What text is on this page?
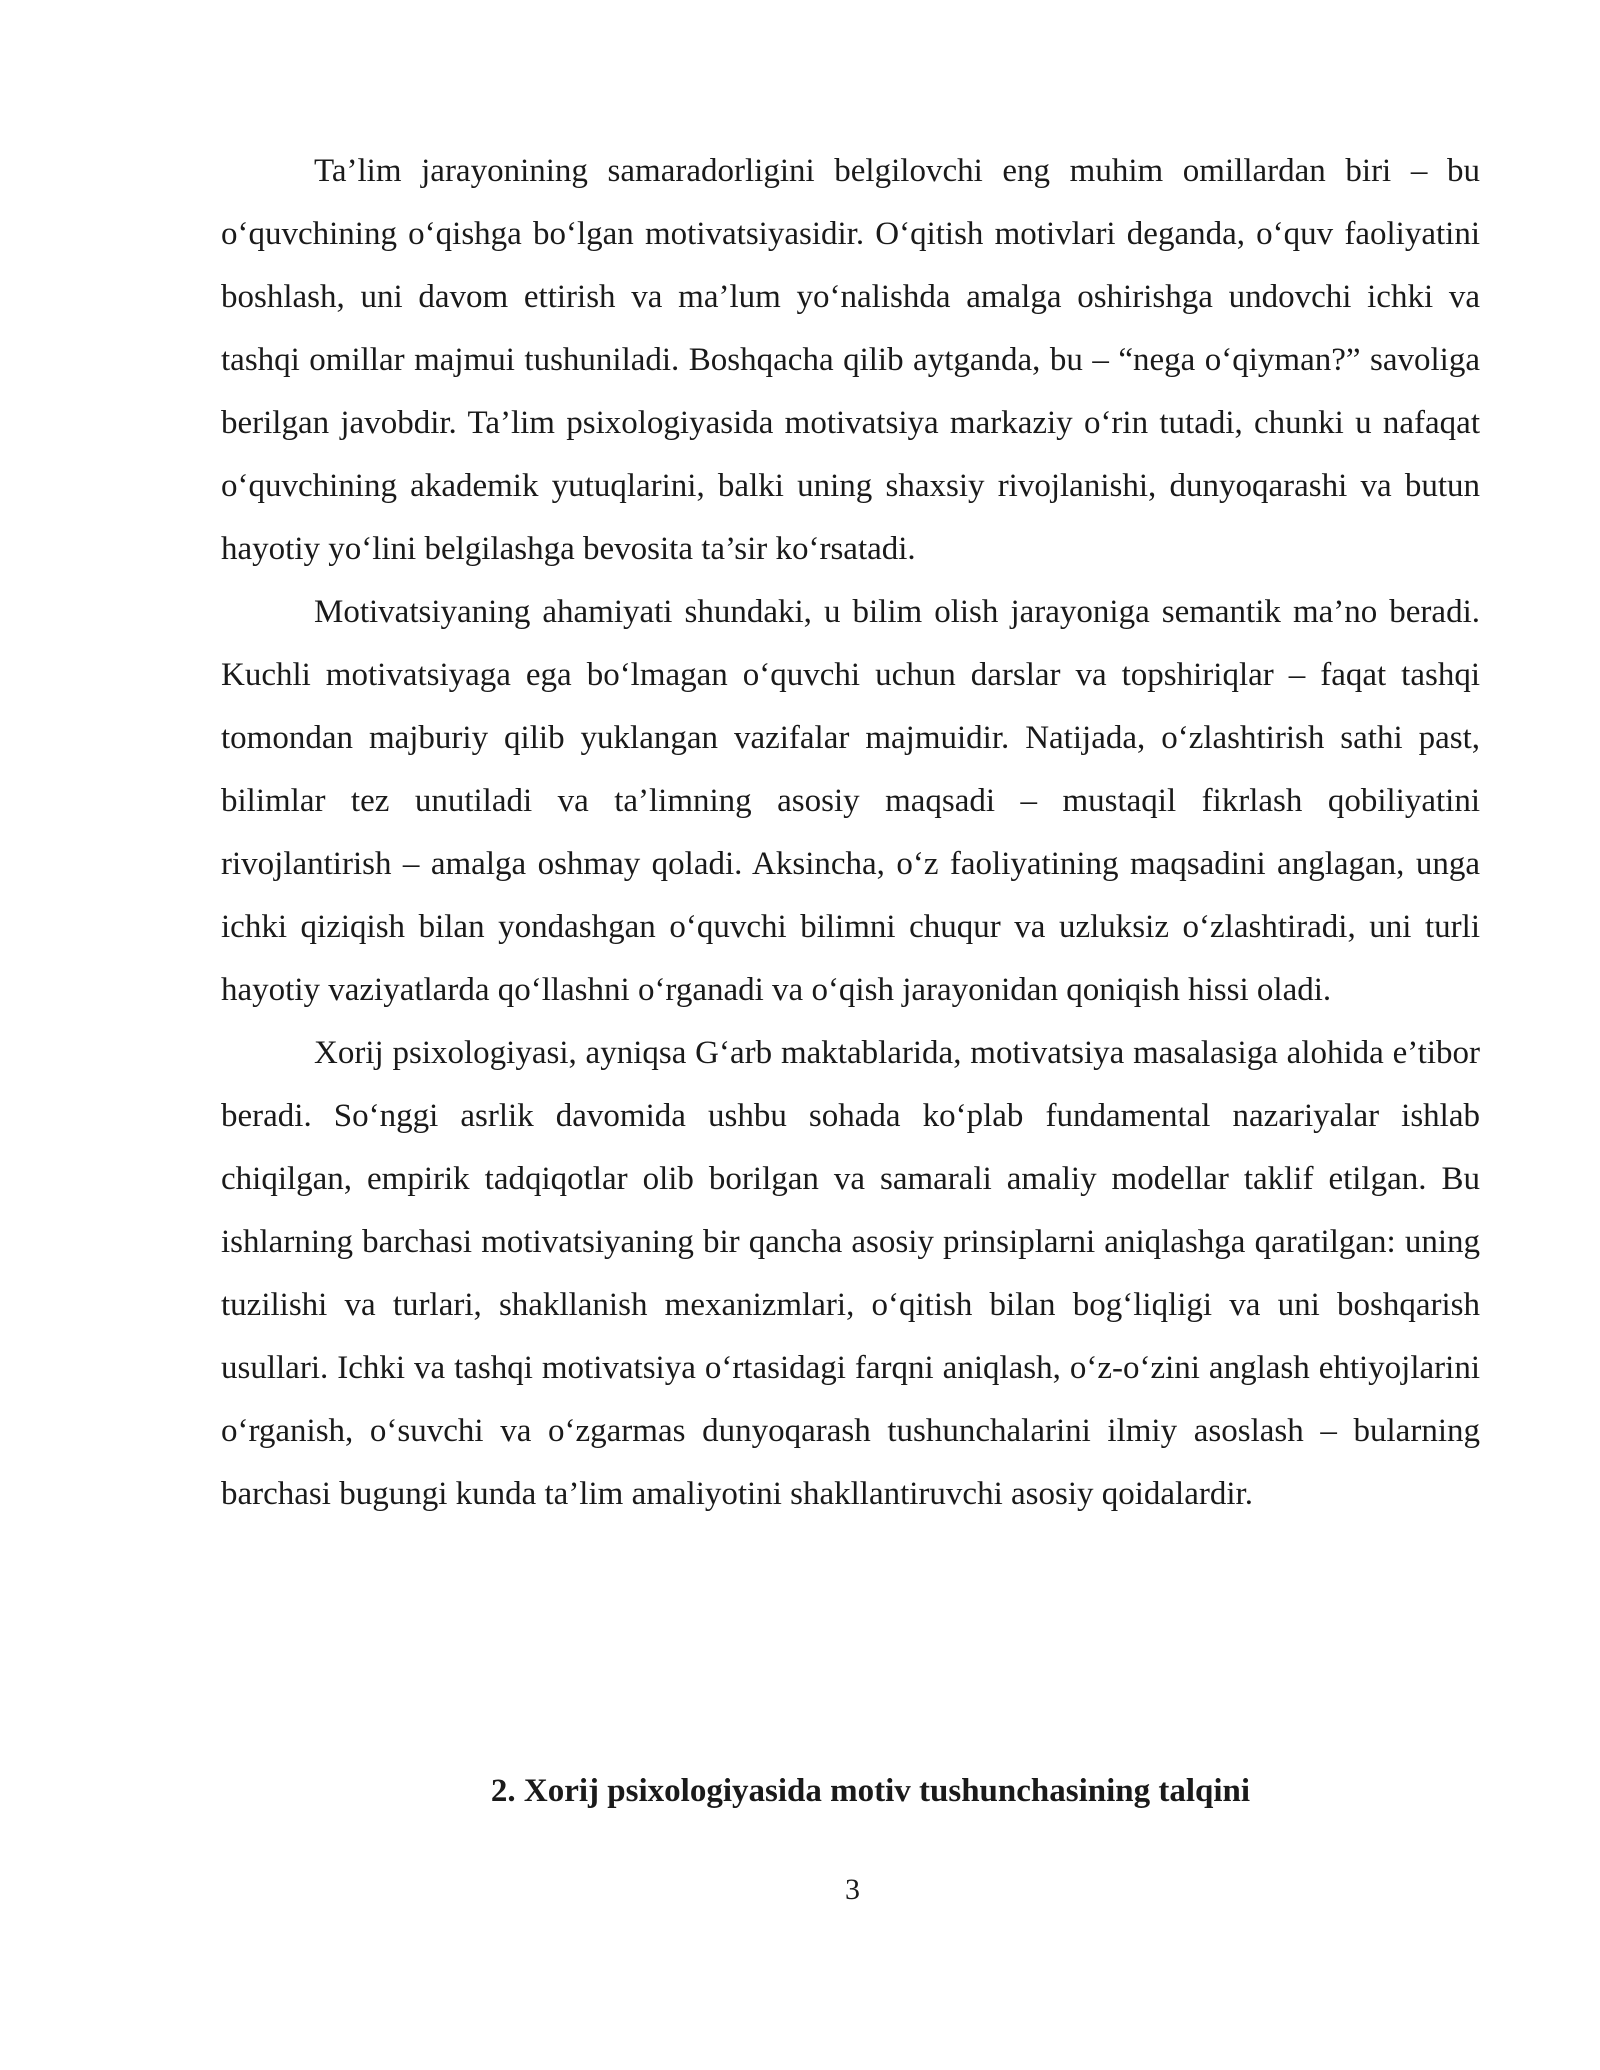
Ta’lim jarayonining samaradorligini belgilovchi eng muhim omillardan biri – bu o‘quvchining o‘qishga bo‘lgan motivatsiyasidir. O‘qitish motivlari deganda, o‘quv faoliyatini boshlash, uni davom ettirish va ma’lum yo‘nalishda amalga oshirishga undovchi ichki va tashqi omillar majmui tushuniladi. Boshqacha qilib aytganda, bu – “nega o‘qiyman?” savoliga berilgan javobdir. Ta’lim psixologiyasida motivatsiya markaziy o‘rin tutadi, chunki u nafaqat o‘quvchining akademik yutuqlarini, balki uning shaxsiy rivojlanishi, dunyoqarashi va butun hayotiy yo‘lini belgilashga bevosita ta’sir ko‘rsatadi.

Motivatsiyaning ahamiyati shundaki, u bilim olish jarayoniga semantik ma’no beradi. Kuchli motivatsiyaga ega bo‘lmagan o‘quvchi uchun darslar va topshiriqlar – faqat tashqi tomondan majburiy qilib yuklangan vazifalar majmuidir. Natijada, o‘zlashtirish sathi past, bilimlar tez unutiladi va ta’limning asosiy maqsadi – mustaqil fikrlash qobiliyatini rivojlantirish – amalga oshmay qoladi. Aksincha, o‘z faoliyatining maqsadini anglagan, unga ichki qiziqish bilan yondashgan o‘quvchi bilimni chuqur va uzluksiz o‘zlashtiradi, uni turli hayotiy vaziyatlarda qo‘llashni o‘rganadi va o‘qish jarayonidan qoniqish hissi oladi.

Xorij psixologiyasi, ayniqsa G‘arb maktablarida, motivatsiya masalasiga alohida e’tibor beradi. So‘nggi asrlik davomida ushbu sohada ko‘plab fundamental nazariyalar ishlab chiqilgan, empirik tadqiqotlar olib borilgan va samarali amaliy modellar taklif etilgan. Bu ishlarning barchasi motivatsiyaning bir qancha asosiy prinsiplarni aniqlashga qaratilgan: uning tuzilishi va turlari, shakllanish mexanizmlari, o‘qitish bilan bog‘liqligi va uni boshqarish usullari. Ichki va tashqi motivatsiya o‘rtasidagi farqni aniqlash, o‘z-o‘zini anglash ehtiyojlarini o‘rganish, o‘suvchi va o‘zgarmas dunyoqarash tushunchalarini ilmiy asoslash – bularning barchasi bugungi kunda ta’lim amaliyotini shakllantiruvchi asosiy qoidalardir.

2. Xorij psixologiyasida motiv tushunchasining talqini
3
